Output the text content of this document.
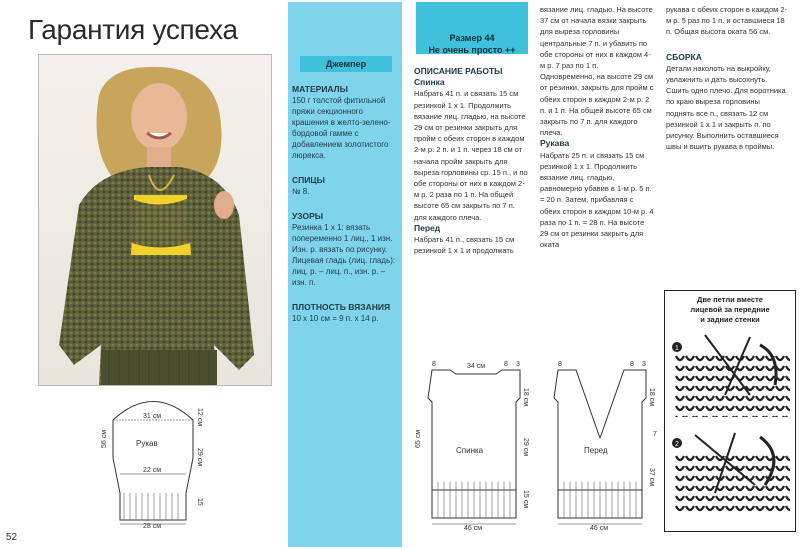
Гарантия успеха
31 см
22 см
28 см
Рукав
12 см
29 см
15
56 см
МАТЕРИАЛЫ
150 г толстой фитильной пряжи секционного крашения в желто-зелено-бордовой гамме с добавлением золотистого люрекса.
СПИЦЫ
№ 8.
УЗОРЫ
Резинка 1 х 1: вязать попеременно 1 лиц., 1 изн. Изн. р. вязать по рисунку.
Лицевая гладь (лиц. гладь): лиц. р. – лиц. п., изн. р. – изн. п.
ПЛОТНОСТЬ ВЯЗАНИЯ
10 х 10 см = 9 п. х 14 р.
Джемпер
Размер 44
Не очень просто ++
ОПИСАНИЕ РАБОТЫ
Спинка
Набрать 41 п. и связать 15 см резинкой 1 х 1. Продолжить вязание лиц. гладью, на высоте 29 см от резинки закрыть для пройм с обеих сторон в каждом 2-м р. 2 п. и 1 п. через 18 см от начала пройм закрыть для выреза горловины ср. 15 п., и по обе стороны от них в каждом 2-м р. 2 раза по 1 п. На общей высоте 65 см закрыть по 7 п. для каждого плеча.
Перед
Набрать 41 п., связать 15 см резинкой 1 х 1 и продолжать
вязание лиц. гладью. На высоте 37 см от начала вязки закрыть для выреза горловины центральные 7 п. и убавить по обе стороны от них в каждом 4-м р. 7 раз по 1 п. Одновременно, на высоте 29 см от резинки, закрыть для пройм с обеих сторон в каждом 2-м р. 2 п. и 1 п. На общей высоте 65 см закрыть по 7 п. для каждого плеча.
Рукава
Набрать 25 п. и связать 15 см резинкой 1 х 1. Продолжить вязание лиц. гладью, равномерно убавив в 1-м р. 5 п. = 20 п. Затем, прибавляя с обеих сторон в каждом 10-м р. 4 раза по 1 п. = 28 п. На высоте 29 см от резинки закрыть для оката
рукава с обеих сторон в каждом 2-м р. 5 раз по 1 п. и оставшиеся 18 п. Общая высота оката 56 см.
СБОРКА
Детали наколоть на выкройку, увлажнить и дать высохнуть. Сшить одно плечо. Для воротника по краю выреза горловины поднять все п., связать 12 см резинкой 1 х 1 и закрыть п. по рисунку. Выполнить оставшиеся швы и вшить рукава в проймы.
8	34 см	8 3
Спинка
46 см
18 см
29 см
15 см
65 см
8	8 3
Перед
46 см
18 см
7
37 см
Две петли вместе
лицевой за передние
и задние стенки
1
2
52
